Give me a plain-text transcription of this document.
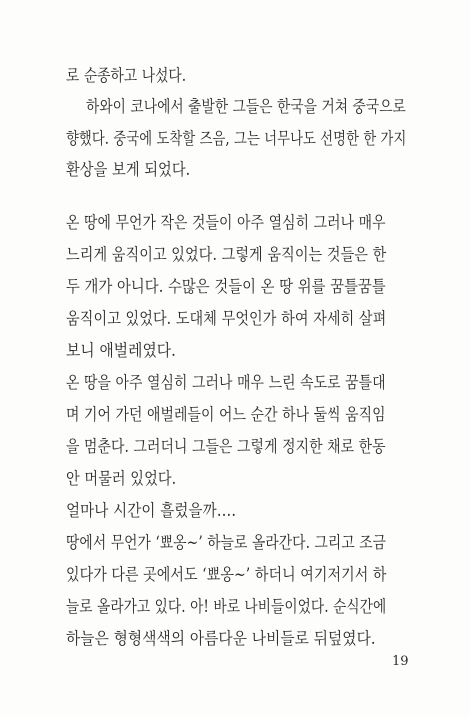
로 순종하고 나섰다.
하와이 코나에서 출발한 그들은 한국을 거쳐 중국으로
향했다. 중국에 도착할 즈음, 그는 너무나도 선명한 한 가지
환상을 보게 되었다.
온 땅에 무언가 작은 것들이 아주 열심히 그러나 매우
느리게 움직이고 있었다. 그렇게 움직이는 것들은 한
두 개가 아니다. 수많은 것들이 온 땅 위를 꿈틀꿈틀
움직이고 있었다. 도대체 무엇인가 하여 자세히 살펴
보니 애벌레였다.
온 땅을 아주 열심히 그러나 매우 느린 속도로 꿈틀대
며 기어 가던 애벌레들이 어느 순간 하나 둘씩 움직임
을 멈춘다. 그러더니 그들은 그렇게 정지한 채로 한동
안 머물러 있었다.
얼마나 시간이 흘렀을까….
땅에서 무언가 ‘뾰옹~’ 하늘로 올라간다. 그리고 조금
있다가 다른 곳에서도 ‘뾰옹~’ 하더니 여기저기서 하
늘로 올라가고 있다. 아! 바로 나비들이었다. 순식간에
하늘은 형형색색의 아름다운 나비들로 뒤덮였다.
19
